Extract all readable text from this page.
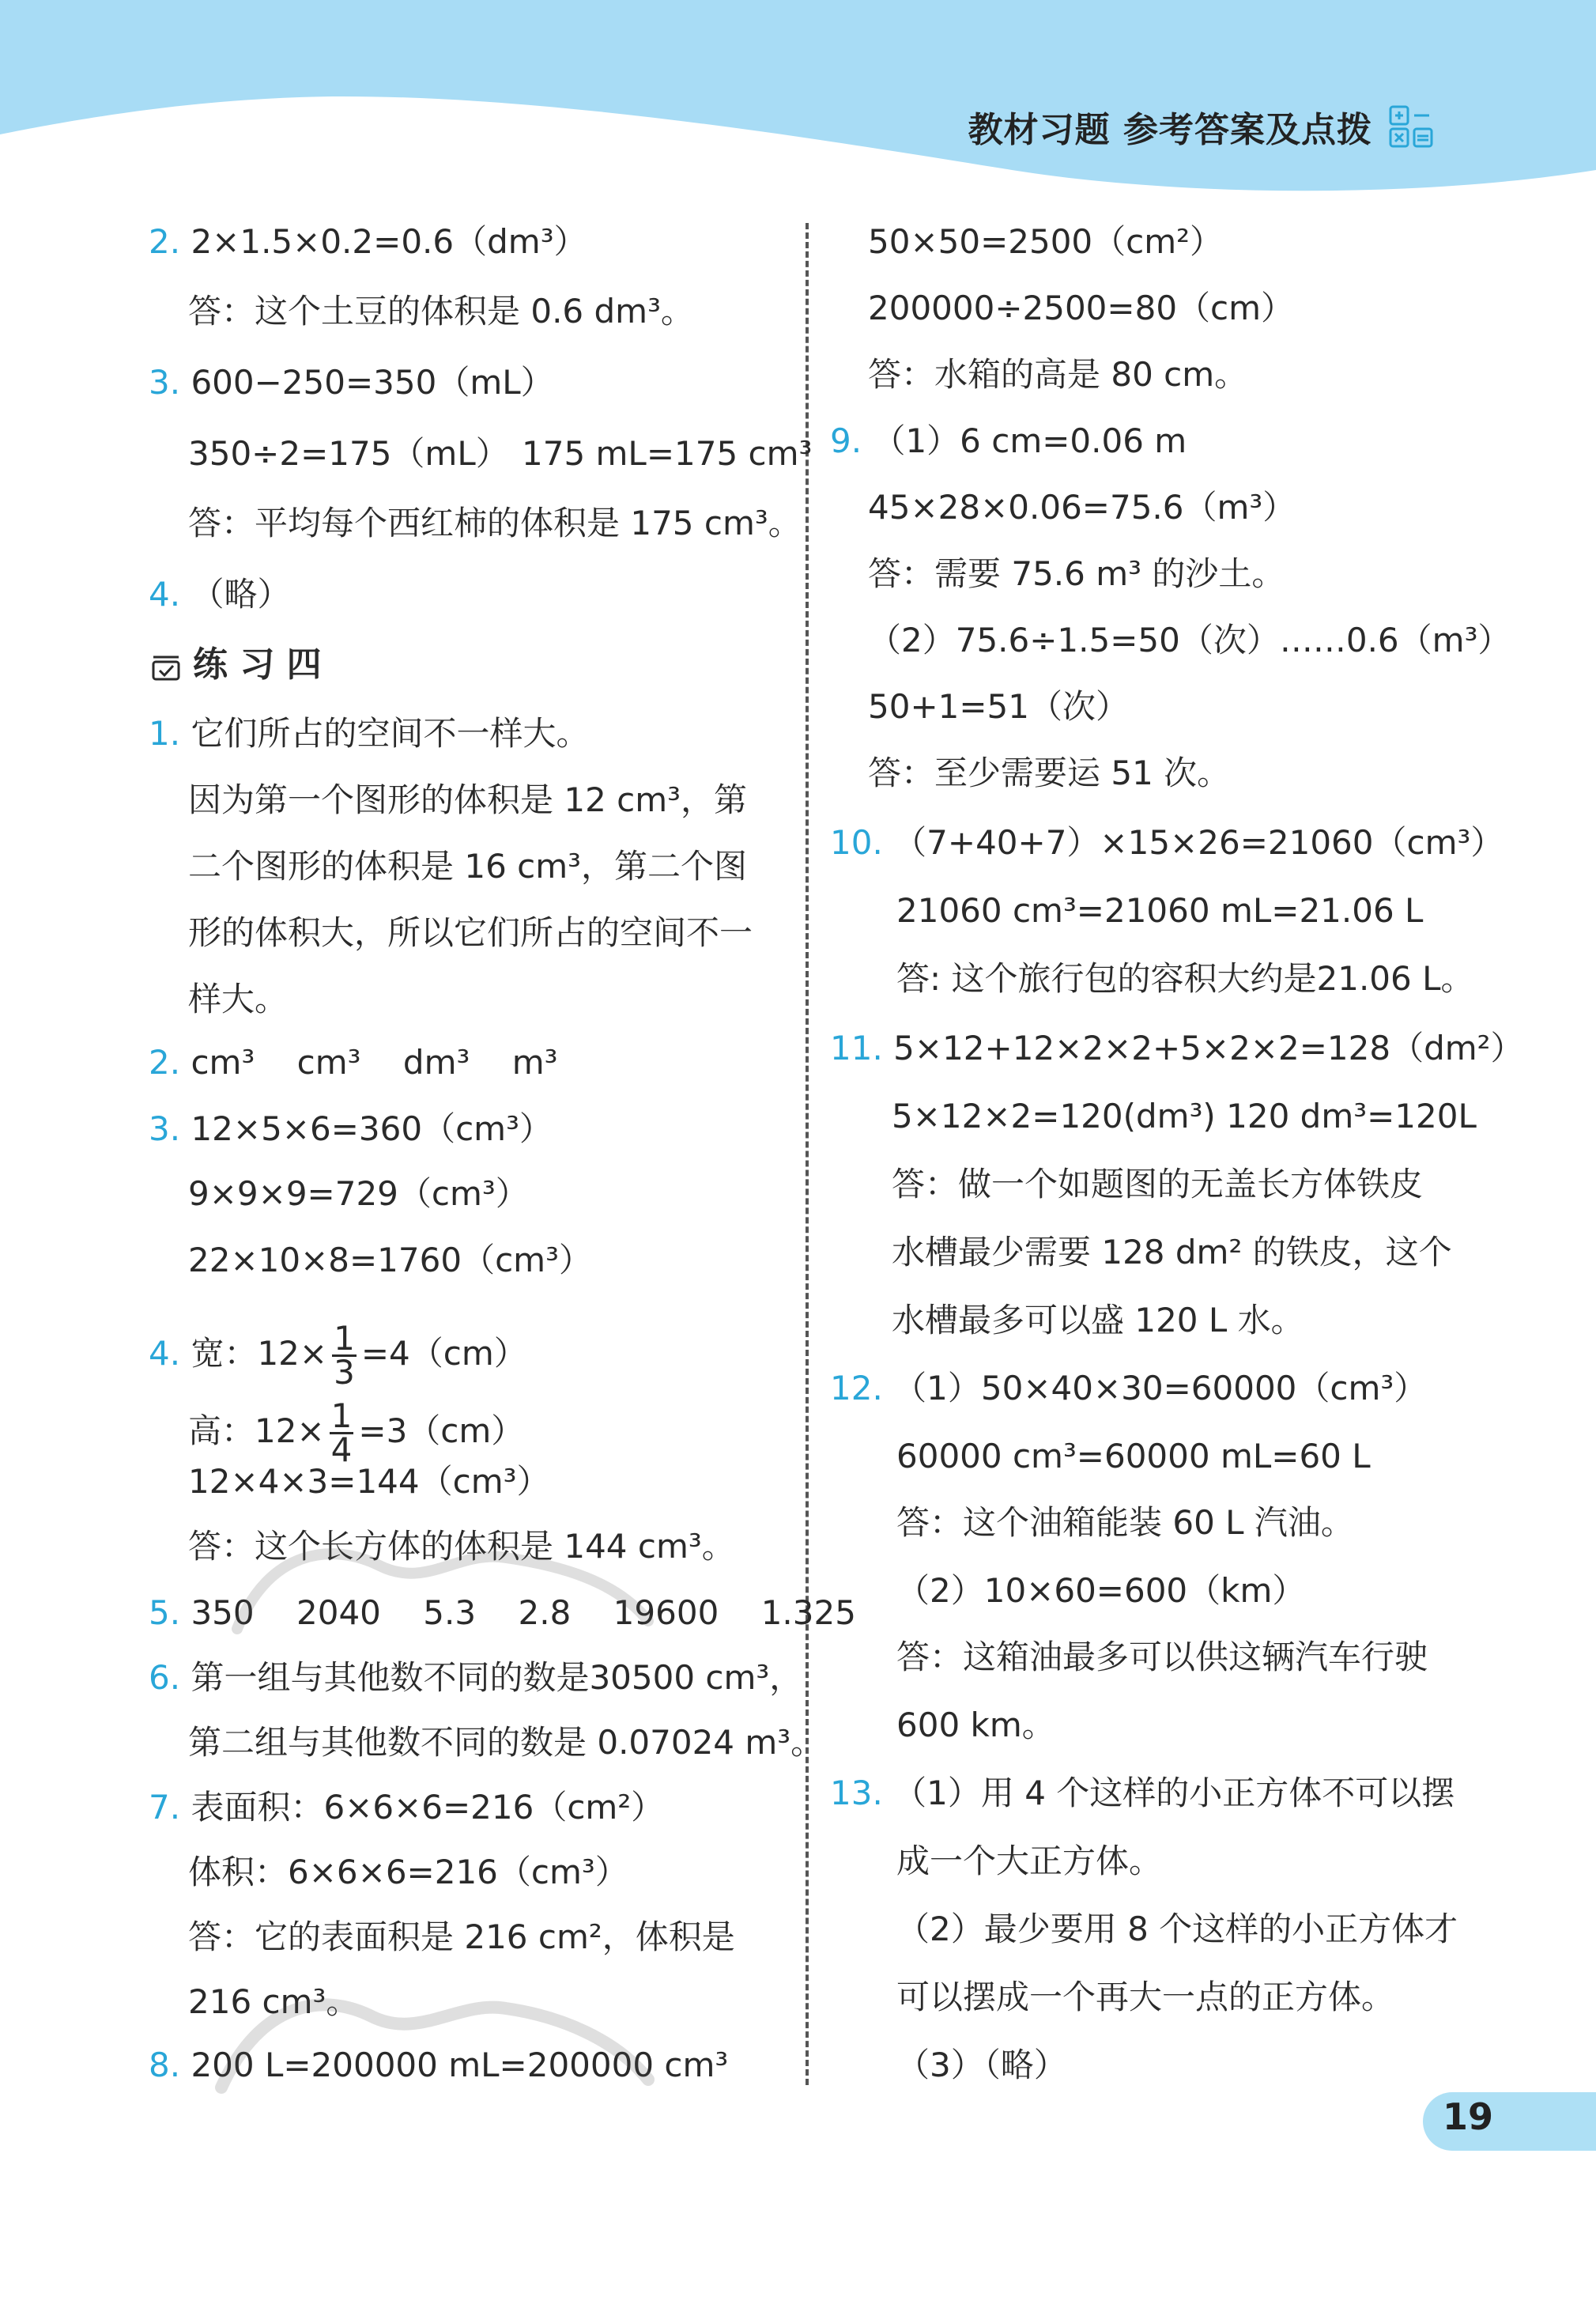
教材习题 参考答案及点拨
2. 2×1.5×0.2=0.6（dm³）
答：这个土豆的体积是 0.6 dm³。
3. 600−250=350（mL）
350÷2=175（mL） 175 mL=175 cm³
答：平均每个西红柿的体积是 175 cm³。
4. （略）
练 习 四
1. 它们所占的空间不一样大。
因为第一个图形的体积是 12 cm³，第
二个图形的体积是 16 cm³，第二个图
形的体积大，所以它们所占的空间不一
样大。
2. cm³    cm³    dm³    m³
3. 12×5×6=360（cm³）
9×9×9=729（cm³）
22×10×8=1760（cm³）
4. 宽：$12\times \frac{1}{3} =4(cm)$
高：$12\times \frac{1}{4} =3(cm)$
12×4×3=144（cm³）
答：这个长方体的体积是 144 cm³。
5. 350    2040    5.3    2.8    19600    1.325
6. 第一组与其他数不同的数是30500 cm³，
第二组与其他数不同的数是 0.07024 m³。
7. 表面积：6×6×6=216（cm²）
体积：6×6×6=216（cm³）
答：它的表面积是 216 cm²，体积是
216 cm³。
8. 200 L=200000 mL=200000 cm³
50×50=2500（cm²）
200000÷2500=80（cm）
答：水箱的高是 80 cm。
9. （1）6 cm=0.06 m
45×28×0.06=75.6（m³）
答：需要 75.6 m³ 的沙土。
（2）75.6÷1.5=50（次）……0.6（m³）
50+1=51（次）
答：至少需要运 51 次。
10. （7+40+7）×15×26=21060（cm³）
21060 cm³=21060 mL=21.06 L
答: 这个旅行包的容积大约是21.06 L。
11. 5×12+12×2×2+5×2×2=128（dm²）
5×12×2=120(dm³) 120 dm³=120L
答：做一个如题图的无盖长方体铁皮
水槽最少需要 128 dm² 的铁皮，这个
水槽最多可以盛 120 L 水。
12. （1）50×40×30=60000（cm³）
60000 cm³=60000 mL=60 L
答：这个油箱能装 60 L 汽油。
（2）10×60=600（km）
答：这箱油最多可以供这辆汽车行驶
600 km。
13. （1）用 4 个这样的小正方体不可以摆
成一个大正方体。
（2）最少要用 8 个这样的小正方体才
可以摆成一个再大一点的正方体。
（3）（略）
19
